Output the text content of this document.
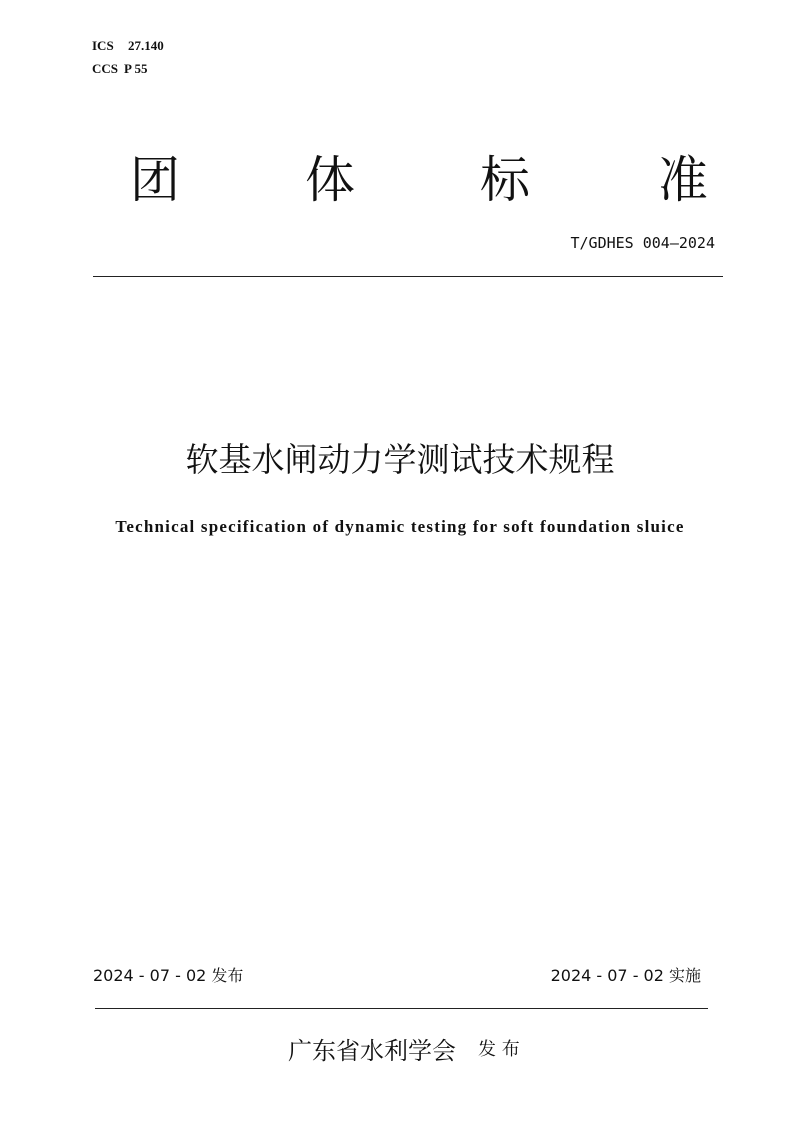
ICS 27.140
CCS P 55
团	体	标	准
T/GDHES 004—2024
软基水闸动力学测试技术规程
Technical specification of dynamic testing for soft foundation sluice
2024 - 07 - 02 发布	2024 - 07 - 02 实施
广东省水利学会 发 布
